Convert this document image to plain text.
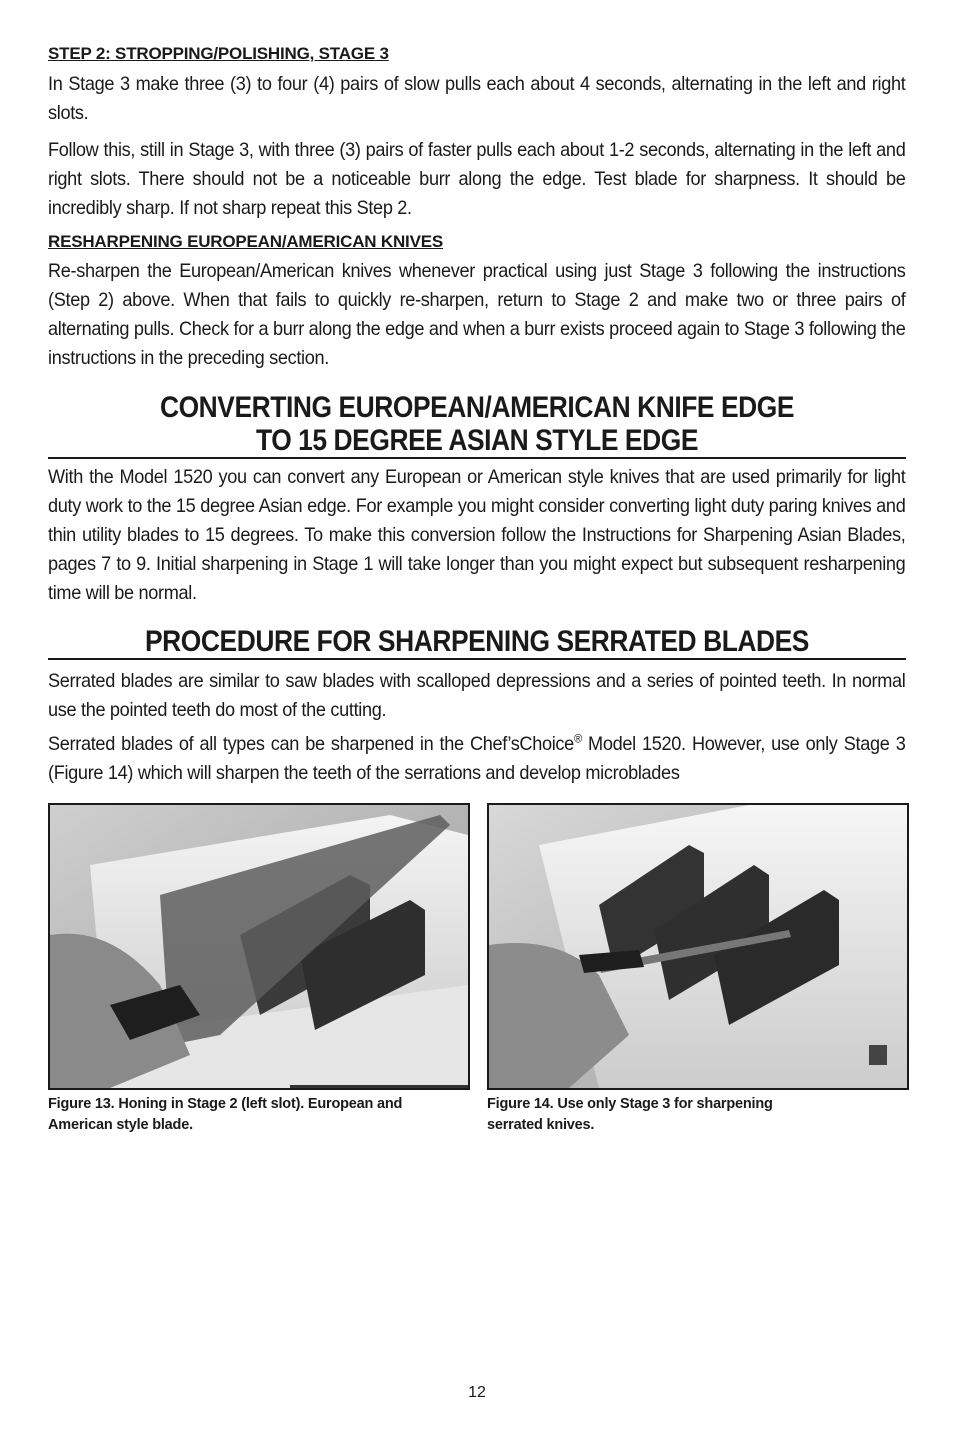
STEP 2: STROPPING/POLISHING, STAGE 3

In Stage 3 make three (3) to four (4) pairs of slow pulls each about 4 seconds, alternating in the left and right slots.

Follow this, still in Stage 3, with three (3) pairs of faster pulls each about 1-2 seconds, alternating in the left and right slots. There should not be a noticeable burr along the edge. Test blade for sharpness. It should be incredibly sharp. If not sharp repeat this Step 2.

RESHARPENING EUROPEAN/AMERICAN KNIVES

Re-sharpen the European/American knives whenever practical using just Stage 3 following the instructions (Step 2) above. When that fails to quickly re-sharpen, return to Stage 2 and make two or three pairs of alternating pulls. Check for a burr along the edge and when a burr exists proceed again to Stage 3 following the instructions in the preceding section.

CONVERTING EUROPEAN/AMERICAN KNIFE EDGE
TO 15 DEGREE ASIAN STYLE EDGE

With the Model 1520 you can convert any European or American style knives that are used primarily for light duty work to the 15 degree Asian edge. For example you might consider converting light duty paring knives and thin utility blades to 15 degrees. To make this conversion follow the Instructions for Sharpening Asian Blades, pages 7 to 9. Initial sharpening in Stage 1 will take longer than you might expect but subsequent resharpening time will be normal.

PROCEDURE FOR SHARPENING SERRATED BLADES

Serrated blades are similar to saw blades with scalloped depressions and a series of pointed teeth. In normal use the pointed teeth do most of the cutting.

Serrated blades of all types can be sharpened in the Chef’sChoice® Model 1520. However, use only Stage 3 (Figure 14) which will sharpen the teeth of the serrations and develop microblades

Figure 13. Honing in Stage 2 (left slot). European and
American style blade.

Figure 14. Use only Stage 3 for sharpening
serrated knives.

12
